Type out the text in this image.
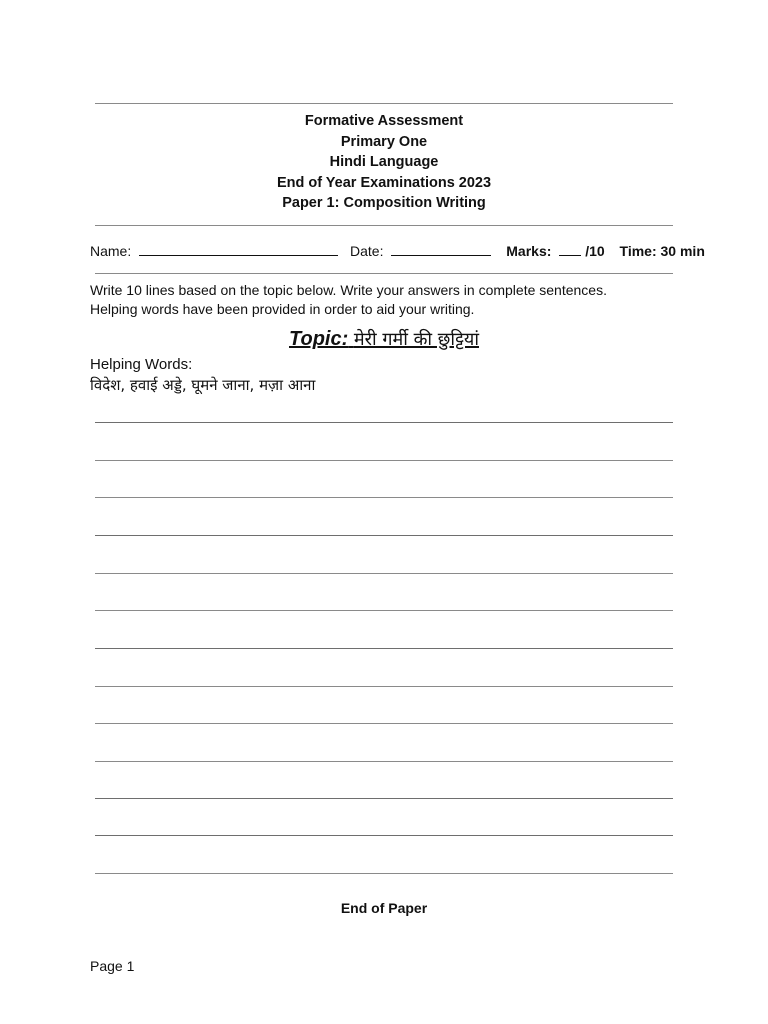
Formative Assessment
Primary One
Hindi Language
End of Year Examinations 2023
Paper 1: Composition Writing
Name:	Date:	Marks: /10 Time: 30 min
Write 10 lines based on the topic below. Write your answers in complete sentences.
Helping words have been provided in order to aid your writing.
Topic: मेरी गर्मी की छुट्टियां
Helping Words:
विदेश, हवाई अड्डे, घूमने जाना, मज़ा आना
End of Paper
Page 1
